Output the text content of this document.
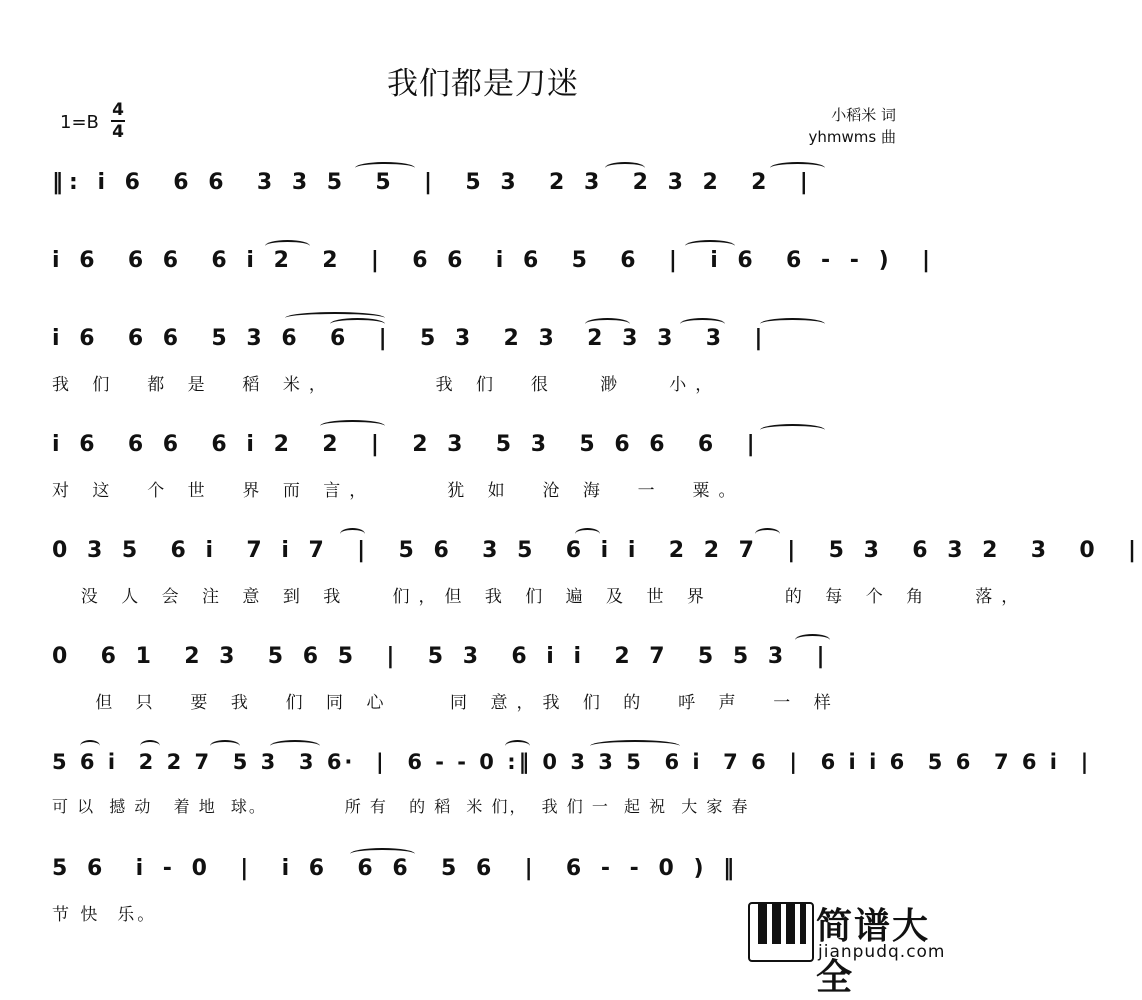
我们都是刀迷
1=B
4
4
小稻米 词
yhmwms 曲
‖: i 6  6 6  3 3 5  5  |  5 3  2 3  2 3 2  2  |
i 6  6 6  6 i 2  2  |  6 6  i 6  5  6  |  i 6  6 - - )  |
i 6  6 6  5 3 6  6  |  5 3  2 3  2 3 3  3  |
我 们  都 是  稻 米，       我 们  很   渺   小，
i 6  6 6  6 i 2  2  |  2 3  5 3  5 6 6  6  |
对 这  个 世  界 而 言，     犹 如  沧 海  一  粟。
0 3 5  6 i  7 i 7  |  5 6  3 5  6 i i  2 2 7  |  5 3  6 3 2  3  0  |
没 人 会 注 意 到 我   们，但 我 们 遍 及 世 界     的 每 个 角   落，
0  6 1  2 3  5 6 5  |  5 3  6 i i  2 7  5 5 3  |
但 只  要 我  们 同 心    同 意，我 们 的  呼 声  一 样
5 6 i  2 2 7  5 3  3 6·  |  6 - - 0 :‖ 0 3 3 5  6 i  7 6  |  6 i i 6  5 6  7 6 i  |
可 以  撼 动   着 地  球。           所 有   的 稻  米 们，  我 们 一  起 祝  大 家 春
5 6  i - 0  |  i 6  6 6  5 6  |  6 - - 0 ) ‖
节 快  乐。	简谱大全
jianpudq.com
